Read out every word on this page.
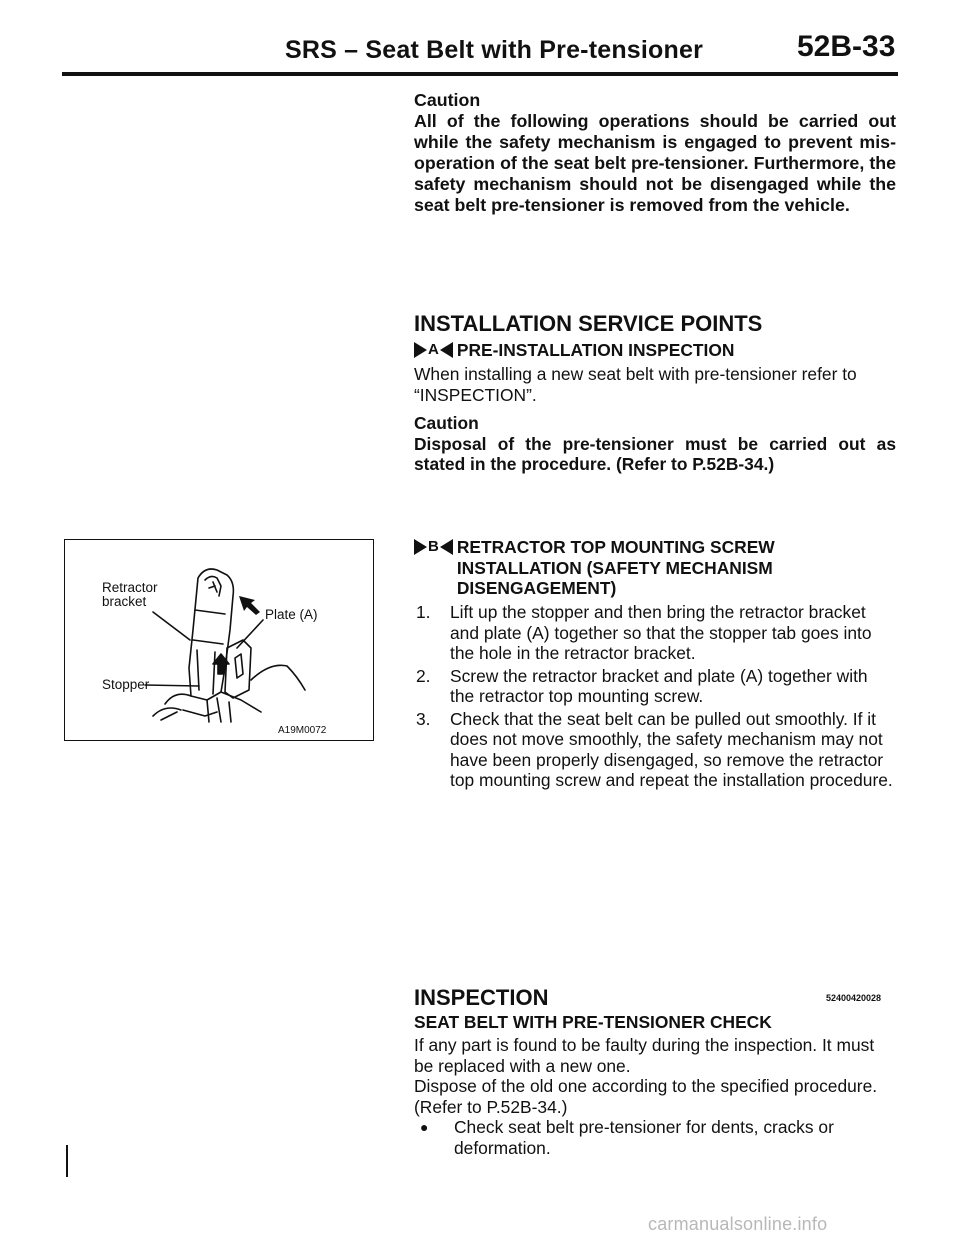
SRS – Seat Belt with Pre-tensioner	52B-33
Caution
All of the following operations should be carried out while the safety mechanism is engaged to prevent mis-operation of the seat belt pre-tensioner. Furthermore, the safety mechanism should not be disengaged while the seat belt pre-tensioner is removed from the vehicle.
INSTALLATION SERVICE POINTS
A PRE-INSTALLATION INSPECTION
When installing a new seat belt with pre-tensioner refer to “INSPECTION”.
Caution
Disposal of the pre-tensioner must be carried out as stated in the procedure. (Refer to P.52B-34.)
B RETRACTOR TOP MOUNTING SCREW INSTALLATION (SAFETY MECHANISM DISENGAGEMENT)
1.	Lift up the stopper and then bring the retractor bracket and plate (A) together so that the stopper tab goes into the hole in the retractor bracket.
2.	Screw the retractor bracket and plate (A) together with the retractor top mounting screw.
3.	Check that the seat belt can be pulled out smoothly. If it does not move smoothly, the safety mechanism may not have been properly disengaged, so remove the retractor top mounting screw and repeat the installation procedure.
Retractor
bracket
Plate (A)
Stopper
A19M0072
INSPECTION	52400420028
SEAT BELT WITH PRE-TENSIONER CHECK
If any part is found to be faulty during the inspection. It must be replaced with a new one.
Dispose of the old one according to the specified procedure. (Refer to P.52B-34.)
●	Check seat belt pre-tensioner for dents, cracks or deformation.
carmanualsonline.info
